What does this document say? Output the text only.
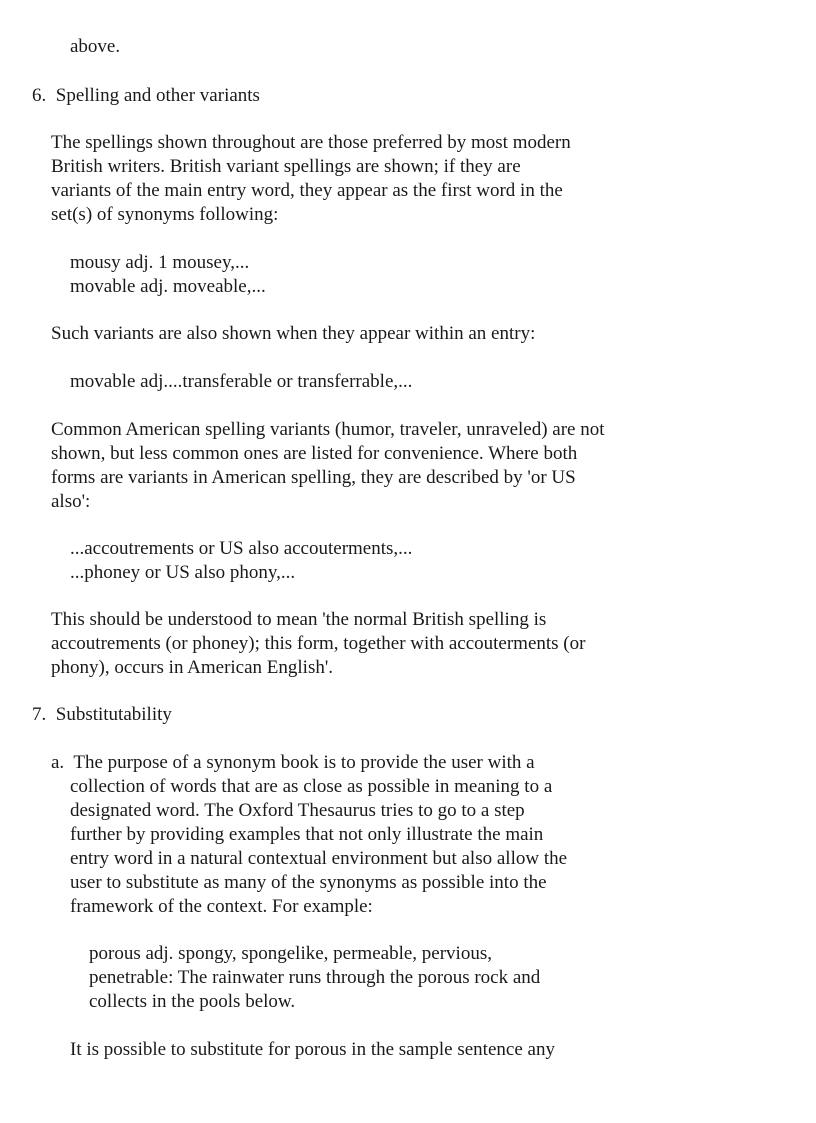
above.

6. Spelling and other variants

The spellings shown throughout are those preferred by most modern

British writers. British variant spellings are shown; if they are

variants of the main entry word, they appear as the first word in the

set(s) of synonyms following:

mousy adj. 1 mousey,...

movable adj. moveable,...

Such variants are also shown when they appear within an entry:

movable adj....transferable or transferrable,...

Common American spelling variants (humor, traveler, unraveled) are not

shown, but less common ones are listed for convenience. Where both

forms are variants in American spelling, they are described by 'or US

also':

...accoutrements or US also accouterments,...

...phoney or US also phony,...

This should be understood to mean 'the normal British spelling is

accoutrements (or phoney); this form, together with accouterments (or

phony), occurs in American English'.

7. Substitutability

a. The purpose of a synonym book is to provide the user with a

collection of words that are as close as possible in meaning to a

designated word. The Oxford Thesaurus tries to go to a step

further by providing examples that not only illustrate the main

entry word in a natural contextual environment but also allow the

user to substitute as many of the synonyms as possible into the

framework of the context. For example:

porous adj. spongy, spongelike, permeable, pervious,

penetrable: The rainwater runs through the porous rock and

collects in the pools below.

It is possible to substitute for porous in the sample sentence any
